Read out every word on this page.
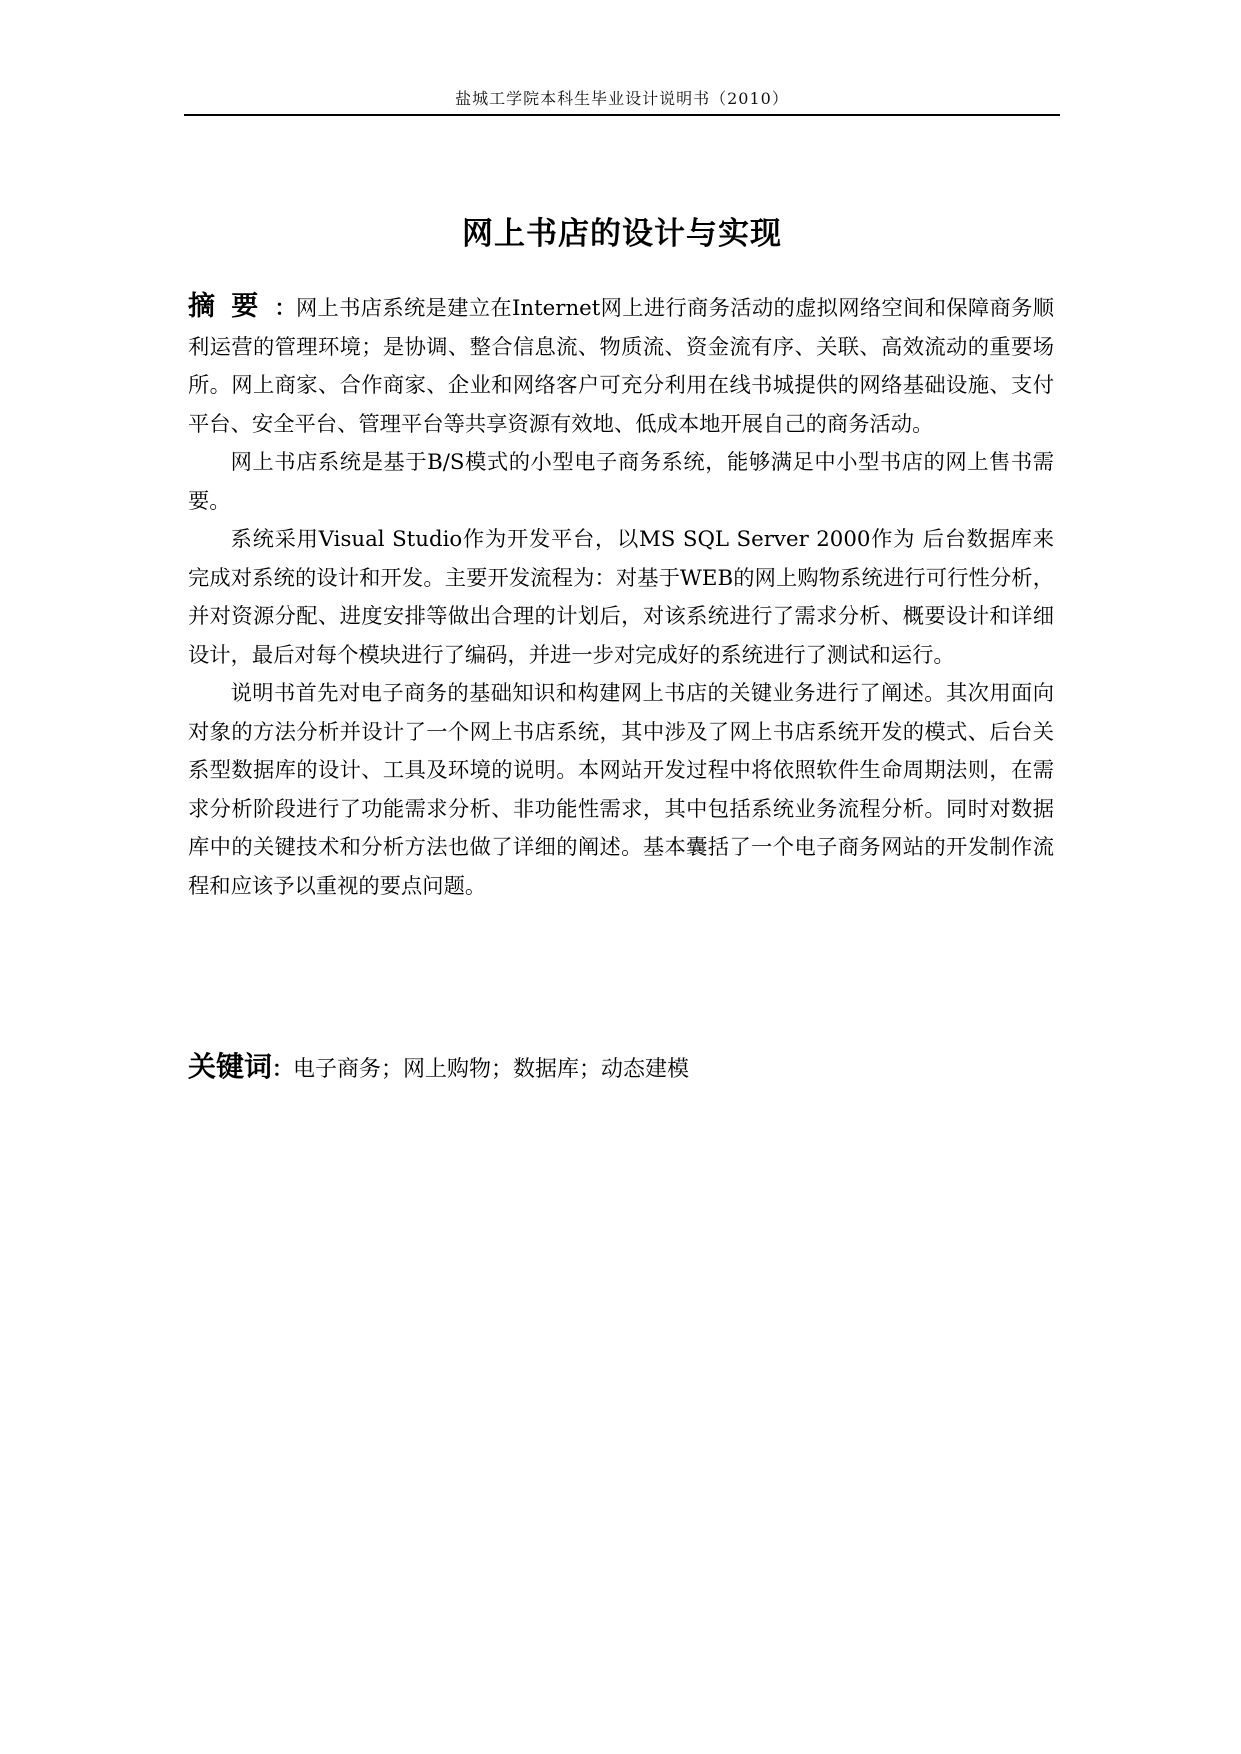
盐城工学院本科生毕业设计说明书（2010）
网上书店的设计与实现

摘要：网上书店系统是建立在Internet网上进行商务活动的虚拟网络空间和保障商务顺利运营的管理环境；是协调、整合信息流、物质流、资金流有序、关联、高效流动的重要场所。网上商家、合作商家、企业和网络客户可充分利用在线书城提供的网络基础设施、支付平台、安全平台、管理平台等共享资源有效地、低成本地开展自己的商务活动。

网上书店系统是基于B/S模式的小型电子商务系统，能够满足中小型书店的网上售书需要。

系统采用Visual Studio作为开发平台，以MS SQL Server 2000作为 后台数据库来完成对系统的设计和开发。主要开发流程为：对基于WEB的网上购物系统进行可行性分析，并对资源分配、进度安排等做出合理的计划后，对该系统进行了需求分析、概要设计和详细设计，最后对每个模块进行了编码，并进一步对完成好的系统进行了测试和运行。

说明书首先对电子商务的基础知识和构建网上书店的关键业务进行了阐述。其次用面向对象的方法分析并设计了一个网上书店系统，其中涉及了网上书店系统开发的模式、后台关系型数据库的设计、工具及环境的说明。本网站开发过程中将依照软件生命周期法则，在需求分析阶段进行了功能需求分析、非功能性需求，其中包括系统业务流程分析。同时对数据库中的关键技术和分析方法也做了详细的阐述。基本囊括了一个电子商务网站的开发制作流程和应该予以重视的要点问题。

关键词：电子商务；网上购物；数据库；动态建模
